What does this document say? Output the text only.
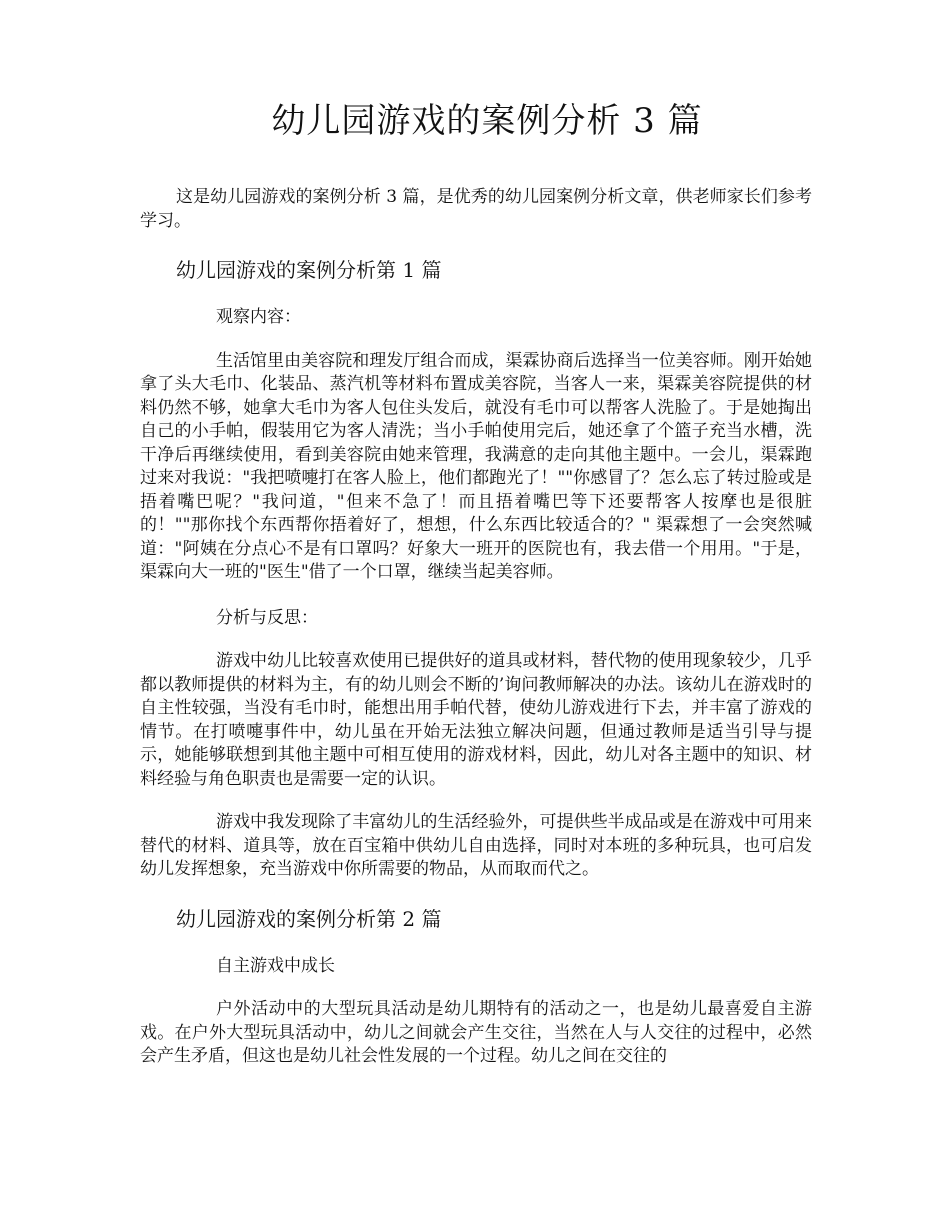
幼儿园游戏的案例分析 3 篇

这是幼儿园游戏的案例分析 3 篇，是优秀的幼儿园案例分析文章，供老师家长们参考学习。

幼儿园游戏的案例分析第 1 篇
观察内容：

生活馆里由美容院和理发厅组合而成，渠霖协商后选择当一位美容师。刚开始她拿了头大毛巾、化装品、蒸汽机等材料布置成美容院，当客人一来，渠霖美容院提供的材料仍然不够，她拿大毛巾为客人包住头发后，就没有毛巾可以帮客人洗脸了。于是她掏出自己的小手帕，假装用它为客人清洗；当小手帕使用完后，她还拿了个篮子充当水槽，洗干净后再继续使用，看到美容院由她来管理，我满意的走向其他主题中。一会儿，渠霖跑过来对我说："我把喷嚏打在客人脸上，他们都跑光了！""你感冒了？怎么忘了转过脸或是捂着嘴巴呢？"我问道，"但来不急了！而且捂着嘴巴等下还要帮客人按摩也是很脏的！""那你找个东西帮你捂着好了，想想，什么东西比较适合的？" 渠霖想了一会突然喊道："阿姨在分点心不是有口罩吗？好象大一班开的医院也有，我去借一个用用。"于是，渠霖向大一班的"医生"借了一个口罩，继续当起美容师。

分析与反思：

游戏中幼儿比较喜欢使用已提供好的道具或材料，替代物的使用现象较少，几乎都以教师提供的材料为主，有的幼儿则会不断的’询问教师解决的办法。该幼儿在游戏时的自主性较强，当没有毛巾时，能想出用手帕代替，使幼儿游戏进行下去，并丰富了游戏的情节。在打喷嚏事件中，幼儿虽在开始无法独立解决问题，但通过教师是适当引导与提示，她能够联想到其他主题中可相互使用的游戏材料，因此，幼儿对各主题中的知识、材料经验与角色职责也是需要一定的认识。

游戏中我发现除了丰富幼儿的生活经验外，可提供些半成品或是在游戏中可用来替代的材料、道具等，放在百宝箱中供幼儿自由选择，同时对本班的多种玩具，也可启发幼儿发挥想象，充当游戏中你所需要的物品，从而取而代之。

幼儿园游戏的案例分析第 2 篇
自主游戏中成长

户外活动中的大型玩具活动是幼儿期特有的活动之一，也是幼儿最喜爱自主游戏。在户外大型玩具活动中，幼儿之间就会产生交往，当然在人与人交往的过程中，必然会产生矛盾，但这也是幼儿社会性发展的一个过程。幼儿之间在交往的
